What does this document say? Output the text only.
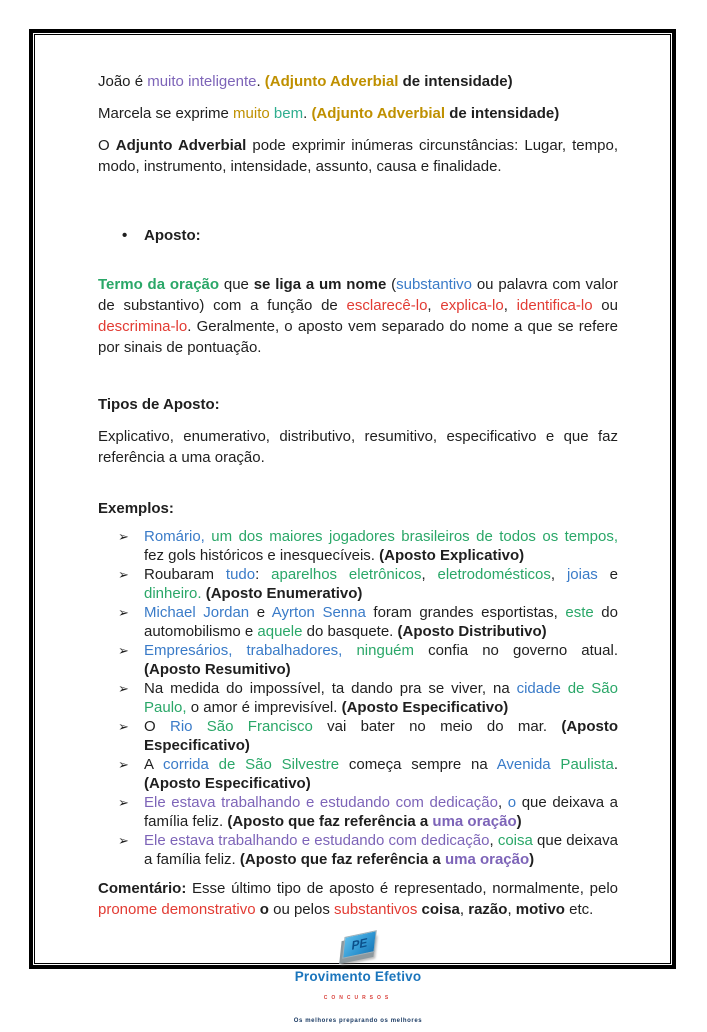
João é muito inteligente. (Adjunto Adverbial de intensidade)
Marcela se exprime muito bem. (Adjunto Adverbial de intensidade)
O Adjunto Adverbial pode exprimir inúmeras circunstâncias: Lugar, tempo, modo, instrumento, intensidade, assunto, causa e finalidade.
• Aposto:
Termo da oração que se liga a um nome (substantivo ou palavra com valor de substantivo) com a função de esclarecê-lo, explica-lo, identifica-lo ou descrimina-lo. Geralmente, o aposto vem separado do nome a que se refere por sinais de pontuação.
Tipos de Aposto:
Explicativo, enumerativo, distributivo, resumitivo, especificativo e que faz referência a uma oração.
Exemplos:
➢ Romário, um dos maiores jogadores brasileiros de todos os tempos, fez gols históricos e inesquecíveis. (Aposto Explicativo)
➢ Roubaram tudo: aparelhos eletrônicos, eletrodomésticos, joias e dinheiro. (Aposto Enumerativo)
➢ Michael Jordan e Ayrton Senna foram grandes esportistas, este do automobilismo e aquele do basquete. (Aposto Distributivo)
➢ Empresários, trabalhadores, ninguém confia no governo atual. (Aposto Resumitivo)
➢ Na medida do impossível, ta dando pra se viver, na cidade de São Paulo, o amor é imprevisível. (Aposto Especificativo)
➢ O Rio São Francisco vai bater no meio do mar. (Aposto Especificativo)
➢ A corrida de São Silvestre começa sempre na Avenida Paulista. (Aposto Especificativo)
➢ Ele estava trabalhando e estudando com dedicação, o que deixava a família feliz. (Aposto que faz referência a uma oração)
➢ Ele estava trabalhando e estudando com dedicação, coisa que deixava a família feliz. (Aposto que faz referência a uma oração)
Comentário: Esse último tipo de aposto é representado, normalmente, pelo pronome demonstrativo o ou pelos substantivos coisa, razão, motivo etc.
PE
Provimento Efetivo
CONCURSOS
Os melhores preparando os melhores
